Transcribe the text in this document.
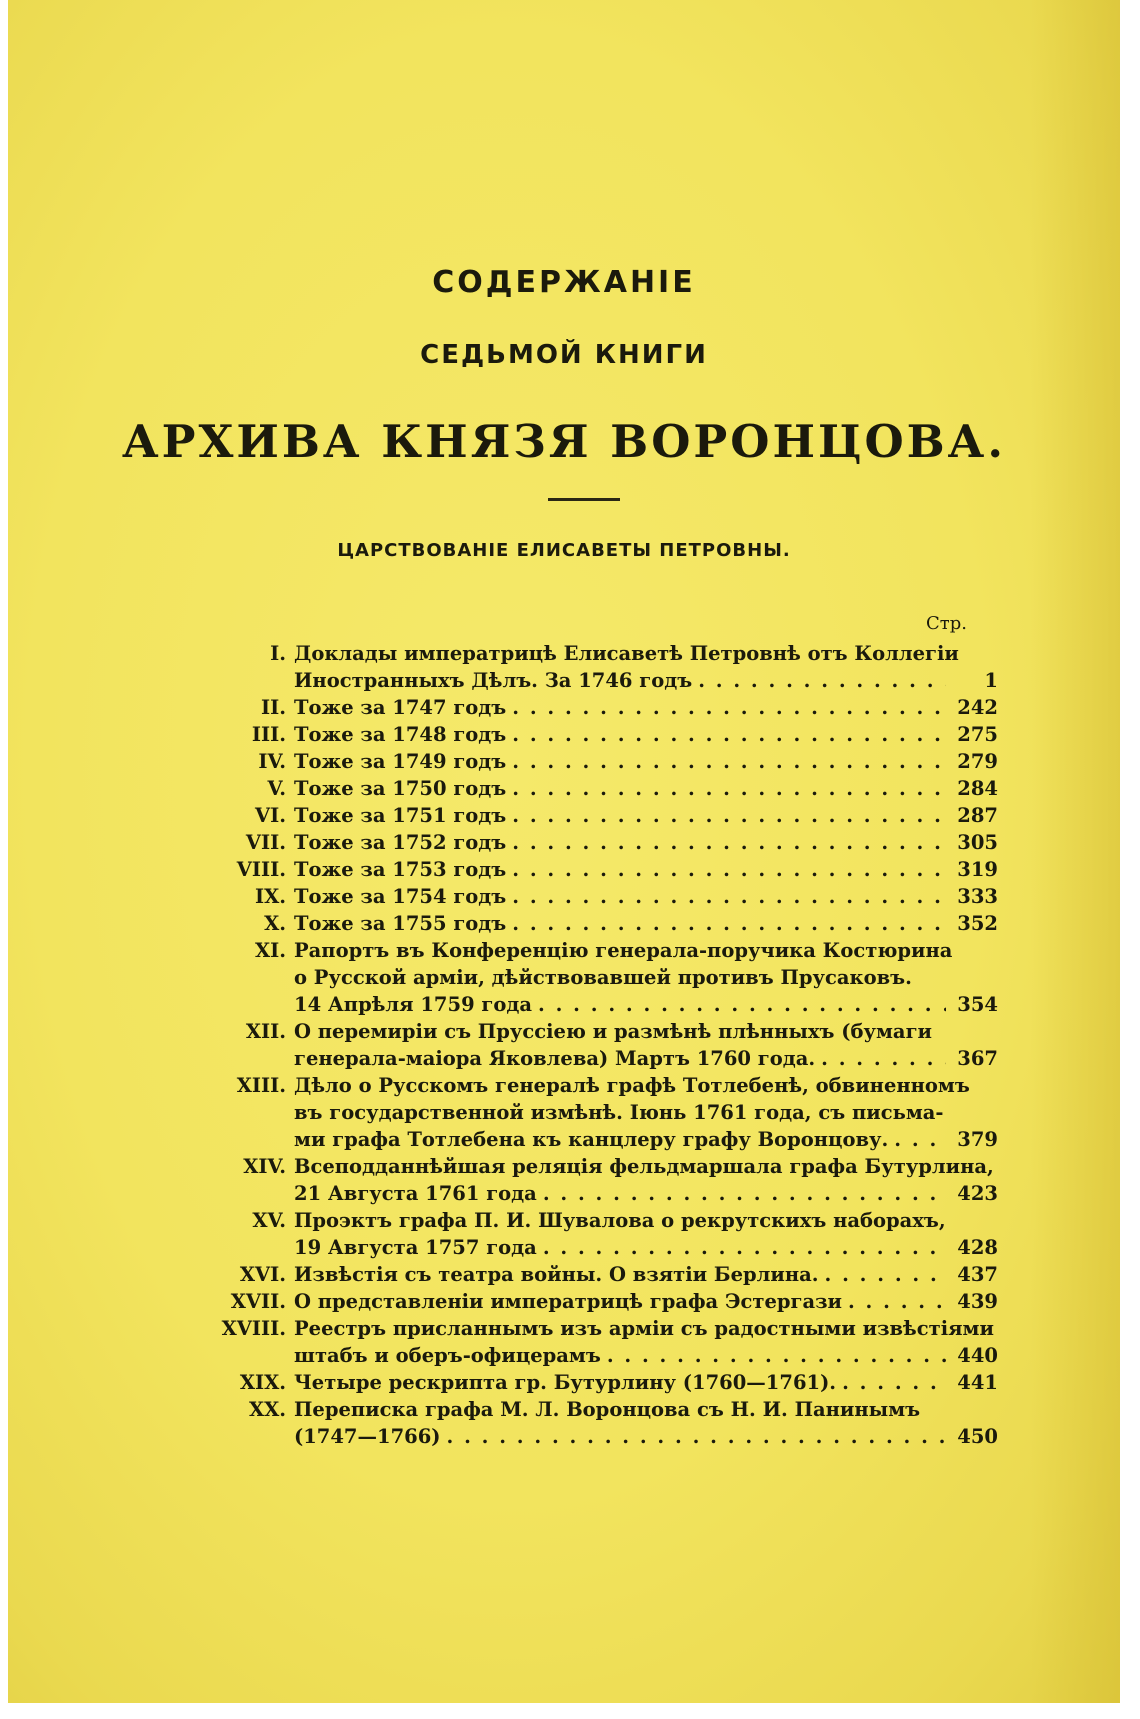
СОДЕРЖАНІЕ
СЕДЬМОЙ КНИГИ
АРХИВА КНЯЗЯ ВОРОНЦОВА.
ЦАРСТВОВАНІЕ ЕЛИСАВЕТЫ ПЕТРОВНЫ.
Стр.
I. Доклады императрицѣ Елисаветѣ Петровнѣ отъ Коллегіи
Иностранныхъ Дѣлъ. За 1746 годъ . . .	1
II. Тоже за 1747 годъ . . .	242
III. Тоже за 1748 годъ . . .	275
IV. Тоже за 1749 годъ . . .	279
V. Тоже за 1750 годъ . . .	284
VI. Тоже за 1751 годъ . . .	287
VII. Тоже за 1752 годъ . . .	305
VIII. Тоже за 1753 годъ . . .	319
IX. Тоже за 1754 годъ . . .	333
X. Тоже за 1755 годъ . . .	352
XI. Рапортъ въ Конференцію генерала-поручика Костюрина
о Русской арміи, дѣйствовавшей противъ Прусаковъ.
14 Апрѣля 1759 года . . .	354
XII. О перемиріи съ Пруссіею и размѣнѣ плѣнныхъ (бумаги
генерала-маіора Яковлева) Мартъ 1760 года. . . .	367
XIII. Дѣло о Русскомъ генералѣ графѣ Тотлебенѣ, обвиненномъ
въ государственной измѣнѣ. Іюнь 1761 года, съ письма-
ми графа Тотлебена къ канцлеру графу Воронцову. . . .	379
XIV. Всеподданнѣйшая реляція фельдмаршала графа Бутурлина,
21 Августа 1761 года . . .	423
XV. Проэктъ графа П. И. Шувалова о рекрутскихъ наборахъ,
19 Августа 1757 года . . .	428
XVI. Извѣстія съ театра войны. О взятіи Берлина. . . .	437
XVII. О представленіи императрицѣ графа Эстергази . . .	439
XVIII. Реестръ присланнымъ изъ арміи съ радостными извѣстіями
штабъ и оберъ-офицерамъ . . .	440
XIX. Четыре рескрипта гр. Бутурлину (1760—1761). . . .	441
XX. Переписка графа М. Л. Воронцова съ Н. И. Панинымъ
(1747—1766) . . .	450
